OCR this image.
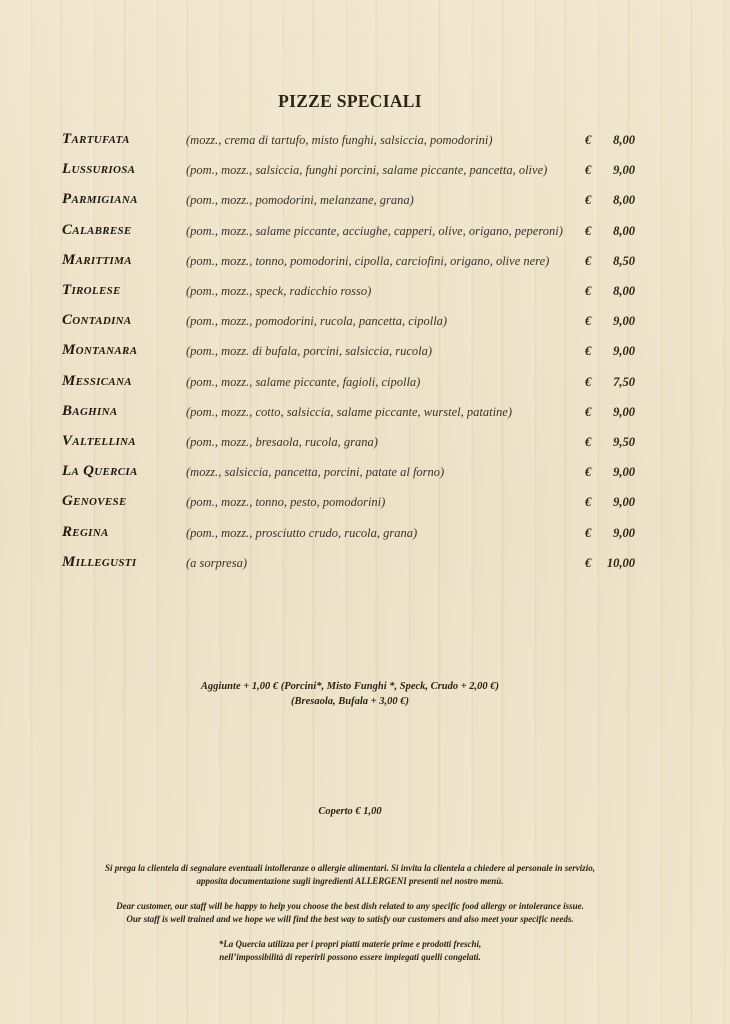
PIZZE SPECIALI
Tartufata	(mozz., crema di tartufo, misto funghi, salsiccia, pomodorini)	€ 8,00
Lussuriosa	(pom., mozz., salsiccia, funghi porcini, salame piccante, pancetta, olive)	€ 9,00
Parmigiana	(pom., mozz., pomodorini, melanzane, grana)	€ 8,00
Calabrese	(pom., mozz., salame piccante, acciughe, capperi, olive, origano, peperoni) € 8,00
Marittima	(pom., mozz., tonno, pomodorini, cipolla, carciofini, origano, olive nere)	€ 8,50
Tirolese	(pom., mozz., speck, radicchio rosso)	€ 8,00
Contadina	(pom., mozz., pomodorini, rucola, pancetta, cipolla)	€ 9,00
Montanara	(pom., mozz. di bufala, porcini, salsiccia, rucola)	€ 9,00
Messicana	(pom., mozz., salame piccante, fagioli, cipolla)	€ 7,50
Baghina	(pom., mozz., cotto, salsiccia, salame piccante, wurstel, patatine)	€ 9,00
Valtellina	(pom., mozz., bresaola, rucola, grana)	€ 9,50
La Quercia	(mozz., salsiccia, pancetta, porcini, patate al forno)	€ 9,00
Genovese	(pom., mozz., tonno, pesto, pomodorini)	€ 9,00
Regina	(pom., mozz., prosciutto crudo, rucola, grana)	€ 9,00
Millegusti	(a sorpresa)	€ 10,00
Aggiunte + 1,00 € (Porcini*, Misto Funghi *, Speck, Crudo + 2,00 €)
(Bresaola, Bufala + 3,00 €)
Coperto € 1,00
Si prega la clientela di segnalare eventuali intolleranze o allergie alimentari. Si invita la clientela a chiedere al personale in servizio,
apposita documentazione sugli ingredienti ALLERGENI presenti nel nostro menù.
Dear customer, our staff will be happy to help you choose the best dish related to any specific food allergy or intolerance issue.
Our staff is well trained and we hope we will find the best way to satisfy our customers and also meet your specific needs.
*La Quercia utilizza per i propri piatti materie prime e prodotti freschi,
nell’impossibilità di reperirli possono essere impiegati quelli congelati.
